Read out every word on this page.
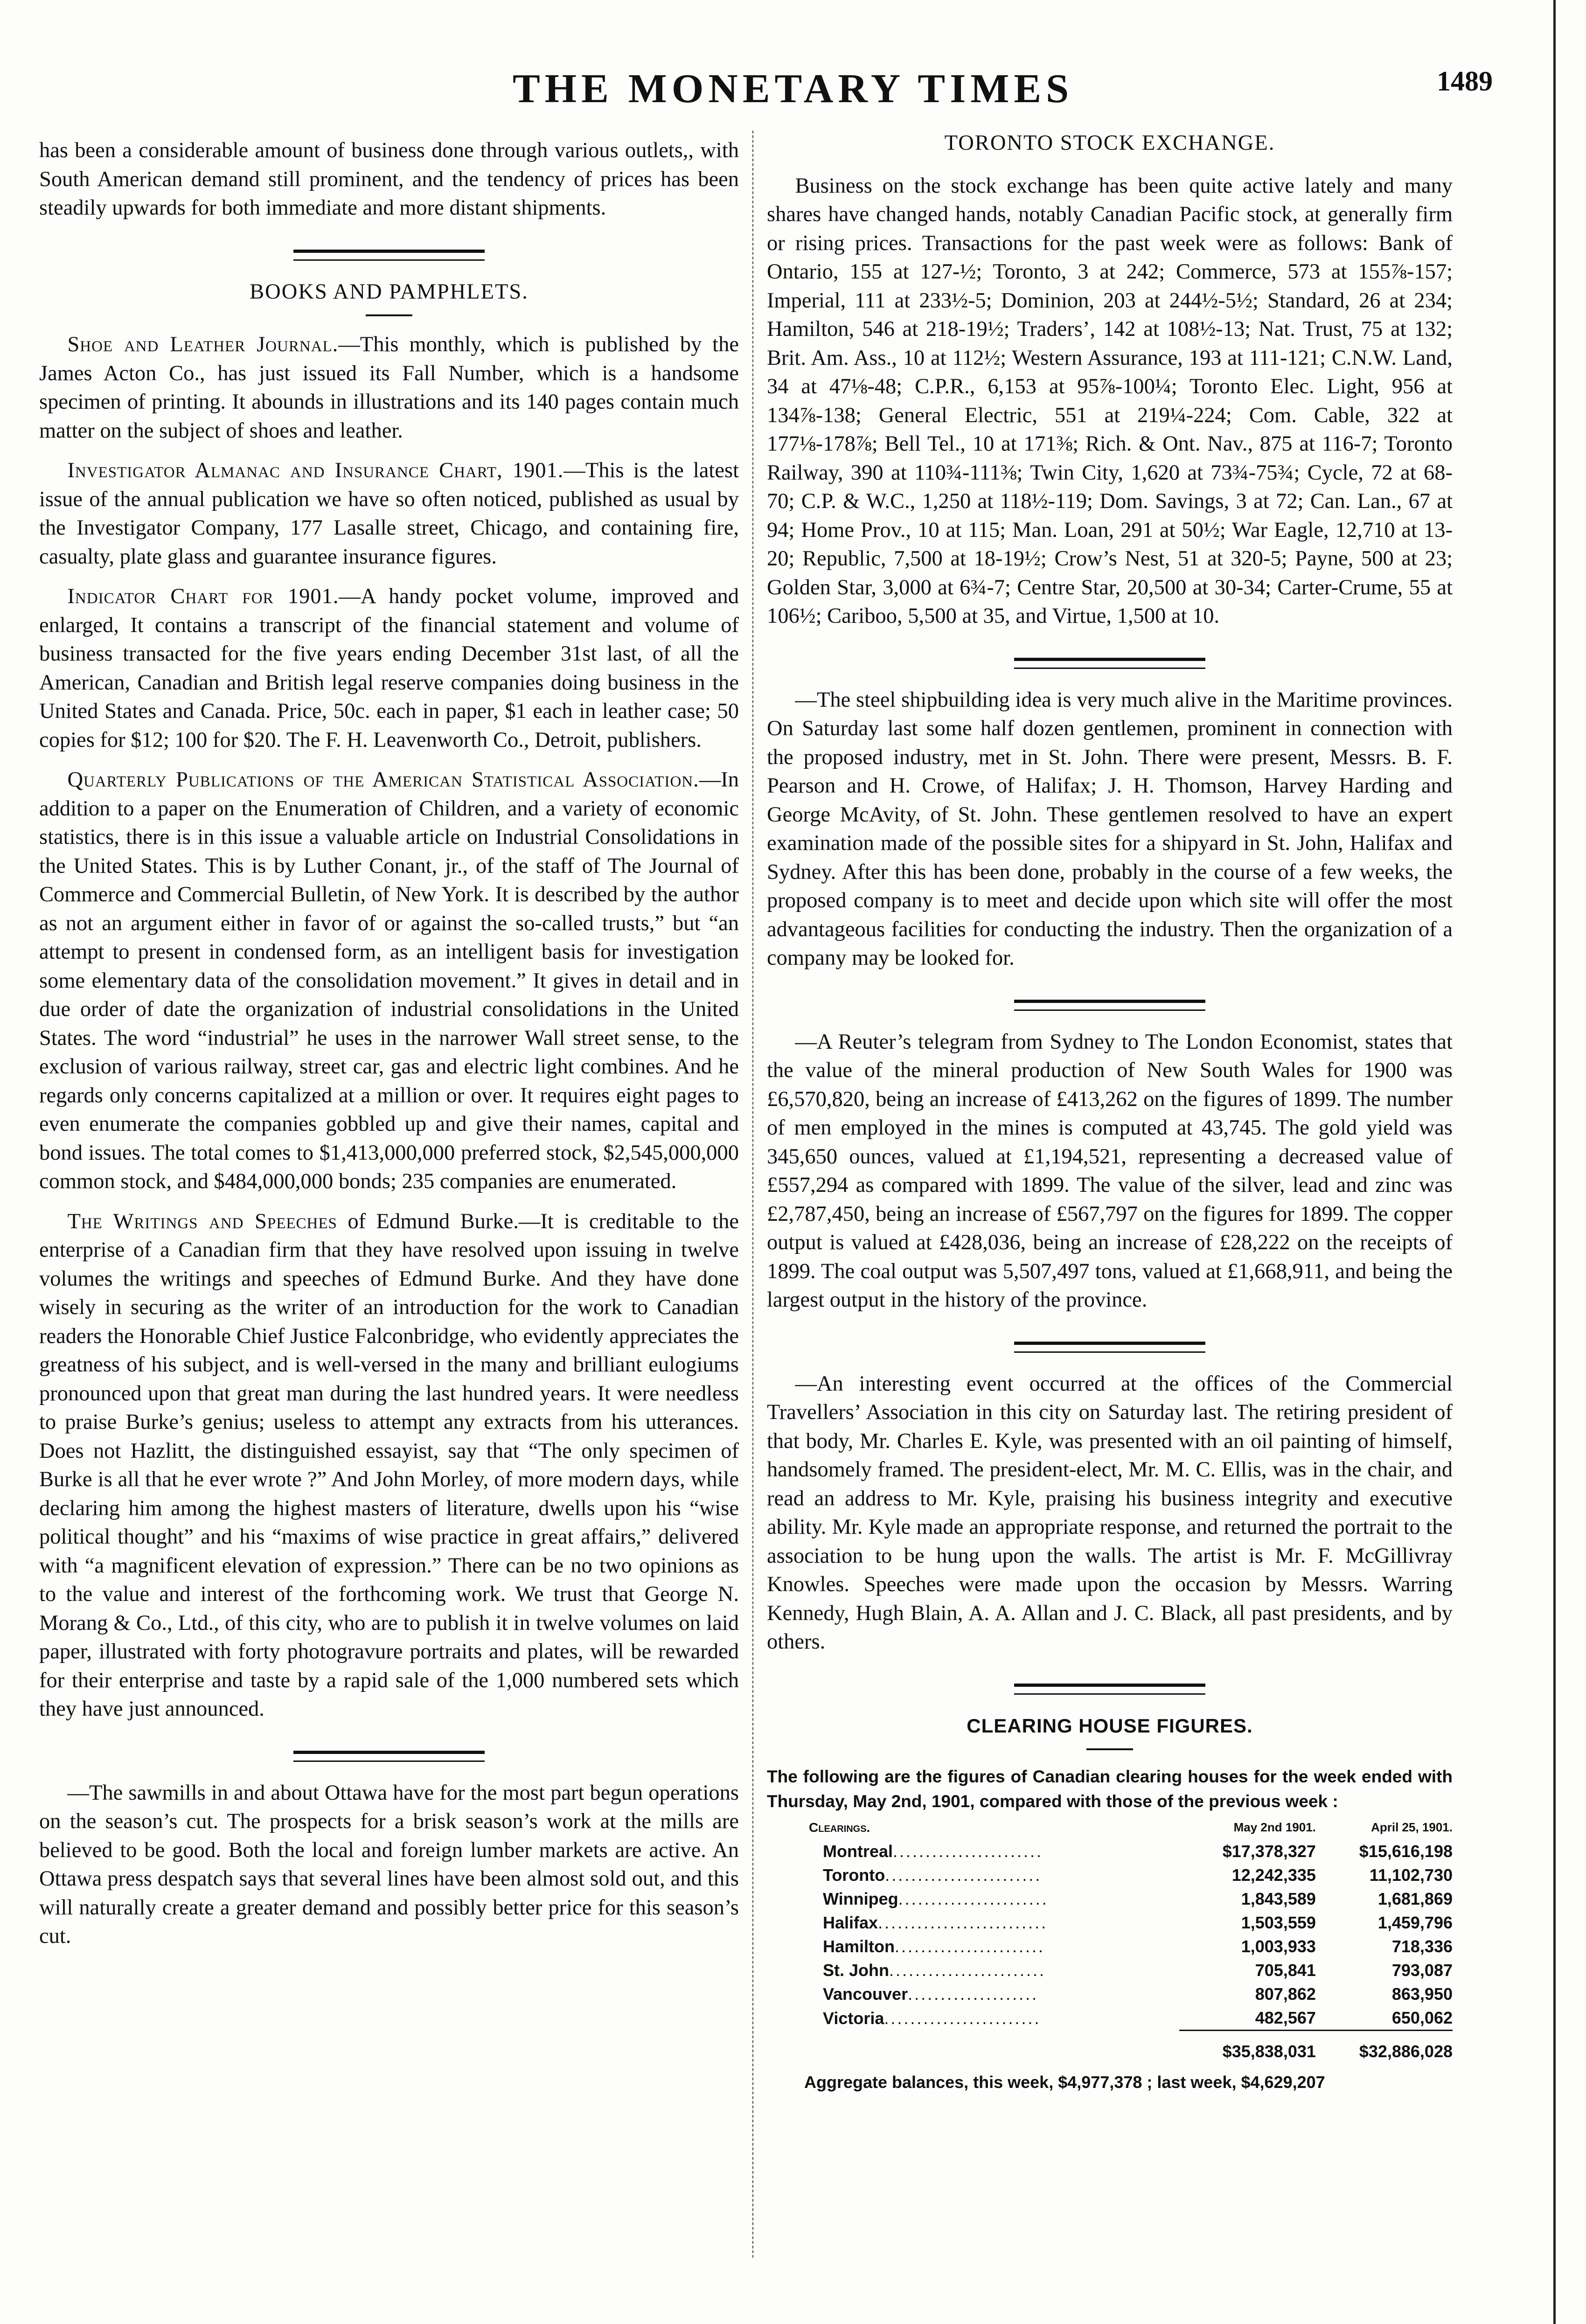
THE MONETARY TIMES	1489

has been a considerable amount of business done through various outlets,, with South American demand still prominent, and the tendency of prices has been steadily upwards for both immediate and more distant shipments.

BOOKS AND PAMPHLETS.

Shoe and Leather Journal.—This monthly, which is published by the James Acton Co., has just issued its Fall Number, which is a handsome specimen of printing. It abounds in illustrations and its 140 pages contain much matter on the subject of shoes and leather.

Investigator Almanac and Insurance Chart, 1901.—This is the latest issue of the annual publication we have so often noticed, published as usual by the Investigator Company, 177 Lasalle street, Chicago, and containing fire, casualty, plate glass and guarantee insurance figures.

Indicator Chart for 1901.—A handy pocket volume, improved and enlarged, It contains a transcript of the financial statement and volume of business transacted for the five years ending December 31st last, of all the American, Canadian and British legal reserve companies doing business in the United States and Canada. Price, 50c. each in paper, $1 each in leather case; 50 copies for $12; 100 for $20. The F. H. Leavenworth Co., Detroit, publishers.

Quarterly Publications of the American Statistical Association.—In addition to a paper on the Enumeration of Children, and a variety of economic statistics, there is in this issue a valuable article on Industrial Consolidations in the United States. This is by Luther Conant, jr., of the staff of The Journal of Commerce and Commercial Bulletin, of New York. It is described by the author as not an argument either in favor of or against the so-called trusts,” but “an attempt to present in condensed form, as an intelligent basis for investigation some elementary data of the consolidation movement.” It gives in detail and in due order of date the organization of industrial consolidations in the United States. The word “industrial” he uses in the narrower Wall street sense, to the exclusion of various railway, street car, gas and electric light combines. And he regards only concerns capitalized at a million or over. It requires eight pages to even enumerate the companies gobbled up and give their names, capital and bond issues. The total comes to $1,413,000,000 preferred stock, $2,545,000,000 common stock, and $484,000,000 bonds; 235 companies are enumerated.

The Writings and Speeches of Edmund Burke.—It is creditable to the enterprise of a Canadian firm that they have resolved upon issuing in twelve volumes the writings and speeches of Edmund Burke. And they have done wisely in securing as the writer of an introduction for the work to Canadian readers the Honorable Chief Justice Falconbridge, who evidently appreciates the greatness of his subject, and is well-versed in the many and brilliant eulogiums pronounced upon that great man during the last hundred years. It were needless to praise Burke’s genius; useless to attempt any extracts from his utterances. Does not Hazlitt, the distinguished essayist, say that “The only specimen of Burke is all that he ever wrote ?” And John Morley, of more modern days, while declaring him among the highest masters of literature, dwells upon his “wise political thought” and his “maxims of wise practice in great affairs,” delivered with “a magnificent elevation of expression.” There can be no two opinions as to the value and interest of the forthcoming work. We trust that George N. Morang & Co., Ltd., of this city, who are to publish it in twelve volumes on laid paper, illustrated with forty photogravure portraits and plates, will be rewarded for their enterprise and taste by a rapid sale of the 1,000 numbered sets which they have just announced.

—The sawmills in and about Ottawa have for the most part begun operations on the season’s cut. The prospects for a brisk season’s work at the mills are believed to be good. Both the local and foreign lumber markets are active. An Ottawa press despatch says that several lines have been almost sold out, and this will naturally create a greater demand and possibly better price for this season’s cut.

TORONTO STOCK EXCHANGE.

Business on the stock exchange has been quite active lately and many shares have changed hands, notably Canadian Pacific stock, at generally firm or rising prices. Transactions for the past week were as follows: Bank of Ontario, 155 at 127-½; Toronto, 3 at 242; Commerce, 573 at 155⅞-157; Imperial, 111 at 233½-5; Dominion, 203 at 244½-5½; Standard, 26 at 234; Hamilton, 546 at 218-19½; Traders’, 142 at 108½-13; Nat. Trust, 75 at 132; Brit. Am. Ass., 10 at 112½; Western Assurance, 193 at 111-121; C.N.W. Land, 34 at 47⅛-48; C.P.R., 6,153 at 95⅞-100¼; Toronto Elec. Light, 956 at 134⅞-138; General Electric, 551 at 219¼-224; Com. Cable, 322 at 177⅛-178⅞; Bell Tel., 10 at 171⅜; Rich. & Ont. Nav., 875 at 116-7; Toronto Railway, 390 at 110¾-111⅜; Twin City, 1,620 at 73¾-75¾; Cycle, 72 at 68-70; C.P. & W.C., 1,250 at 118½-119; Dom. Savings, 3 at 72; Can. Lan., 67 at 94; Home Prov., 10 at 115; Man. Loan, 291 at 50½; War Eagle, 12,710 at 13-20; Republic, 7,500 at 18-19½; Crow’s Nest, 51 at 320-5; Payne, 500 at 23; Golden Star, 3,000 at 6¾-7; Centre Star, 20,500 at 30-34; Carter-Crume, 55 at 106½; Cariboo, 5,500 at 35, and Virtue, 1,500 at 10.

—The steel shipbuilding idea is very much alive in the Maritime provinces. On Saturday last some half dozen gentlemen, prominent in connection with the proposed industry, met in St. John. There were present, Messrs. B. F. Pearson and H. Crowe, of Halifax; J. H. Thomson, Harvey Harding and George McAvity, of St. John. These gentlemen resolved to have an expert examination made of the possible sites for a shipyard in St. John, Halifax and Sydney. After this has been done, probably in the course of a few weeks, the proposed company is to meet and decide upon which site will offer the most advantageous facilities for conducting the industry. Then the organization of a company may be looked for.

—A Reuter’s telegram from Sydney to The London Economist, states that the value of the mineral production of New South Wales for 1900 was £6,570,820, being an increase of £413,262 on the figures of 1899. The number of men employed in the mines is computed at 43,745. The gold yield was 345,650 ounces, valued at £1,194,521, representing a decreased value of £557,294 as compared with 1899. The value of the silver, lead and zinc was £2,787,450, being an increase of £567,797 on the figures for 1899. The copper output is valued at £428,036, being an increase of £28,222 on the receipts of 1899. The coal output was 5,507,497 tons, valued at £1,668,911, and being the largest output in the history of the province.

—An interesting event occurred at the offices of the Commercial Travellers’ Association in this city on Saturday last. The retiring president of that body, Mr. Charles E. Kyle, was presented with an oil painting of himself, handsomely framed. The president-elect, Mr. M. C. Ellis, was in the chair, and read an address to Mr. Kyle, praising his business integrity and executive ability. Mr. Kyle made an appropriate response, and returned the portrait to the association to be hung upon the walls. The artist is Mr. F. McGillivray Knowles. Speeches were made upon the occasion by Messrs. Warring Kennedy, Hugh Blain, A. A. Allan and J. C. Black, all past presidents, and by others.

CLEARING HOUSE FIGURES.
The following are the figures of Canadian clearing houses for the week ended with Thursday, May 2nd, 1901, compared with those of the previous week :
Clearings.	May 2nd 1901.	April 25, 1901.
Montreal.......................	$17,378,327	$15,616,198
Toronto........................	12,242,335	11,102,730
Winnipeg.......................	1,843,589	1,681,869
Halifax..........................	1,503,559	1,459,796
Hamilton.......................	1,003,933	718,336
St. John........................	705,841	793,087
Vancouver....................	807,862	863,950
Victoria........................	482,567	650,062
	$35,838,031	$32,886,028
Aggregate balances, this week, $4,977,378 ; last week, $4,629,207
